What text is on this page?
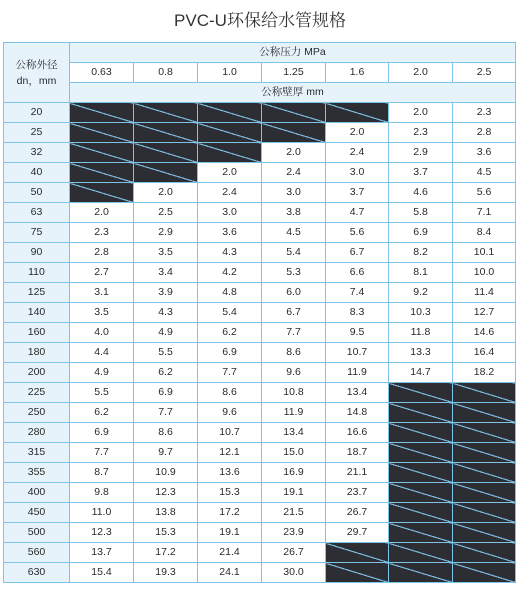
PVC-U环保给水管规格
公称外径
dn，mm	公称压力 MPa						
	0.63	0.8	1.0	1.25	1.6	2.0	2.5
	公称壁厚 mm						
20						2.0	2.3
25					2.0	2.3	2.8
32				2.0	2.4	2.9	3.6
40			2.0	2.4	3.0	3.7	4.5
50		2.0	2.4	3.0	3.7	4.6	5.6
63	2.0	2.5	3.0	3.8	4.7	5.8	7.1
75	2.3	2.9	3.6	4.5	5.6	6.9	8.4
90	2.8	3.5	4.3	5.4	6.7	8.2	10.1
110	2.7	3.4	4.2	5.3	6.6	8.1	10.0
125	3.1	3.9	4.8	6.0	7.4	9.2	11.4
140	3.5	4.3	5.4	6.7	8.3	10.3	12.7
160	4.0	4.9	6.2	7.7	9.5	11.8	14.6
180	4.4	5.5	6.9	8.6	10.7	13.3	16.4
200	4.9	6.2	7.7	9.6	11.9	14.7	18.2
225	5.5	6.9	8.6	10.8	13.4		
250	6.2	7.7	9.6	11.9	14.8		
280	6.9	8.6	10.7	13.4	16.6		
315	7.7	9.7	12.1	15.0	18.7		
355	8.7	10.9	13.6	16.9	21.1		
400	9.8	12.3	15.3	19.1	23.7		
450	11.0	13.8	17.2	21.5	26.7		
500	12.3	15.3	19.1	23.9	29.7		
560	13.7	17.2	21.4	26.7			
630	15.4	19.3	24.1	30.0			
